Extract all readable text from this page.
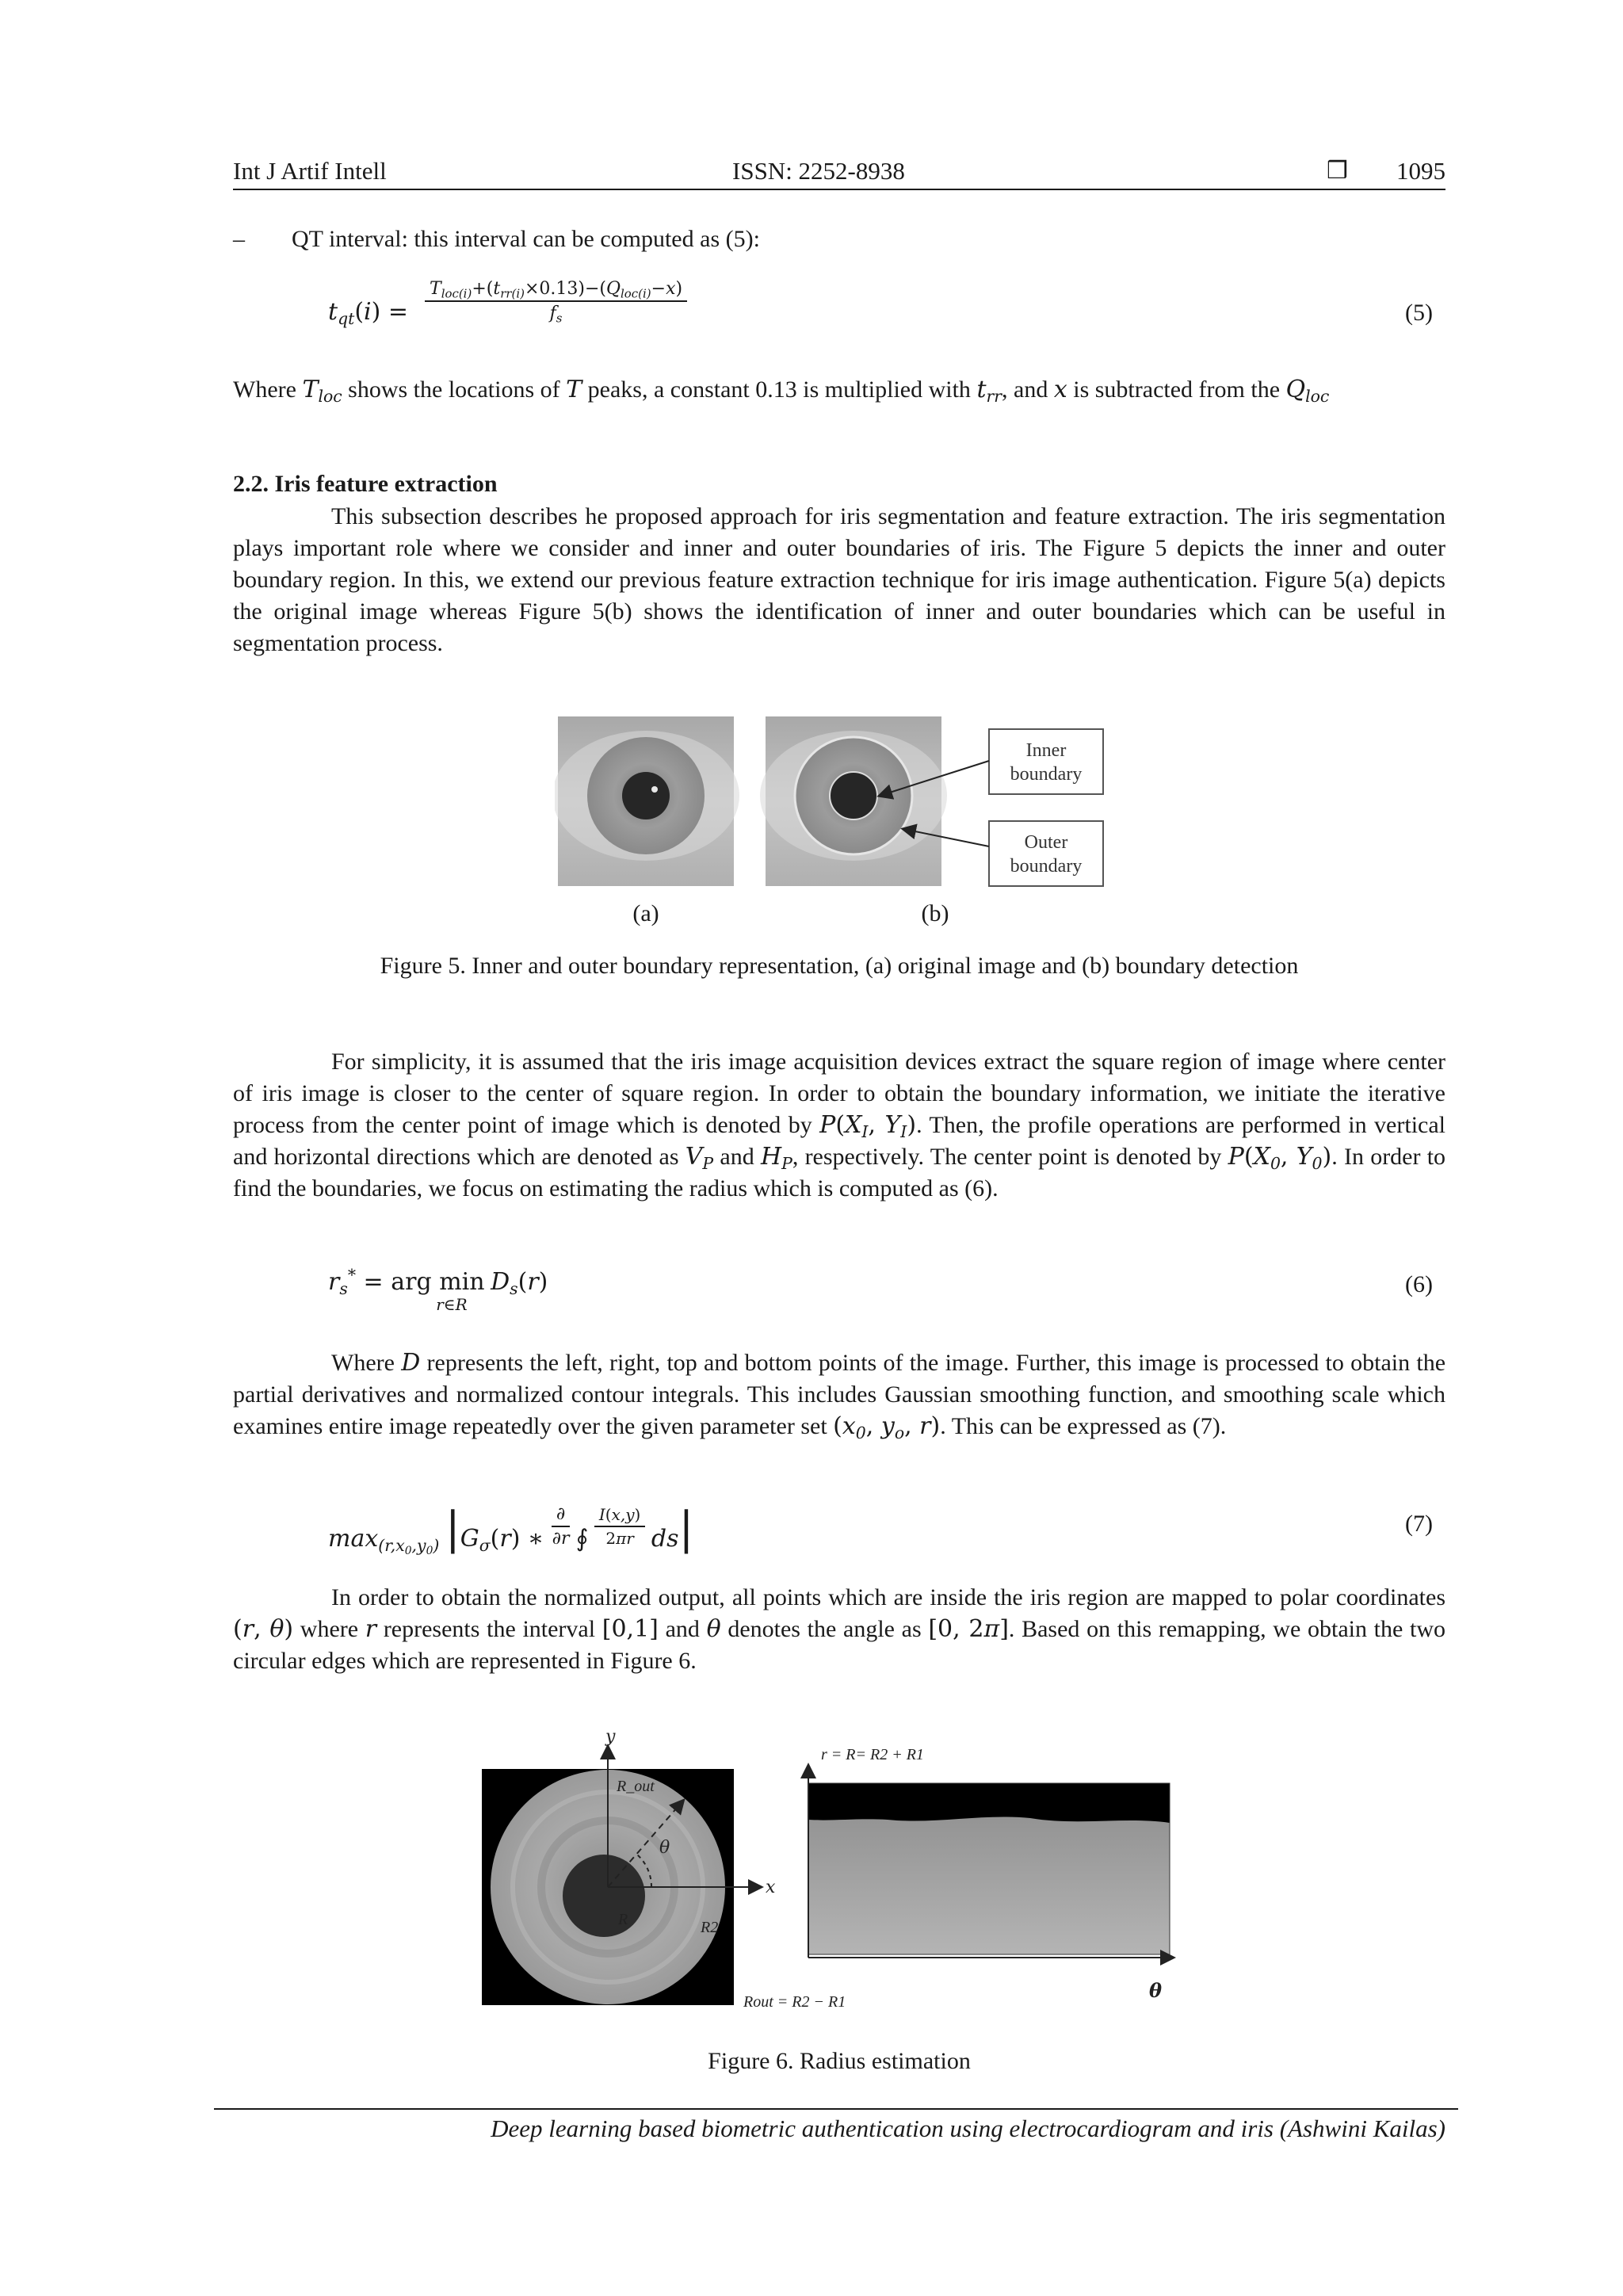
Int J Artif Intell	ISSN: 2252-8938	❒ 1095
– QT interval: this interval can be computed as (5):
$t_{qt}(i)$ =
$T_{loc(i)}+(t_{rr(i)}\times 0.13)-(Q_{loc(i)}-x)$
$f_s$	(5)
Where $T_{loc}$ shows the locations of T peaks, a constant 0.13 is multiplied with $t_{rr}$, and x is subtracted from the $Q_{loc}$
2.2. Iris feature extraction
This subsection describes he proposed approach for iris segmentation and feature extraction. The iris segmentation plays important role where we consider and inner and outer boundaries of iris. The Figure 5 depicts the inner and outer boundary region. In this, we extend our previous feature extraction technique for iris image authentication. Figure 5(a) depicts the original image whereas Figure 5(b) shows the identification of inner and outer boundaries which can be useful in segmentation process.
Inner
boundary
Outer
boundary
(a)	(b)
Figure 5. Inner and outer boundary representation, (a) original image and (b) boundary detection
For simplicity, it is assumed that the iris image acquisition devices extract the square region of image where center of iris image is closer to the center of square region. In order to obtain the boundary information, we initiate the iterative process from the center point of image which is denoted by $P(X_I$, $Y_I$). Then, the profile operations are performed in vertical and horizontal directions which are denoted as $V_P$ and $H_P$, respectively. The center point is denoted by $P(X_0$, $Y_0$). In order to find the boundaries, we focus on estimating the radius which is computed as (6).
$r_s^*$ = arg min
r∈R
$D_s(r)$	(6)
Where D represents the left, right, top and bottom points of the image. Further, this image is processed to obtain the partial derivatives and normalized contour integrals. This includes Gaussian smoothing function, and smoothing scale which examines entire image repeatedly over the given parameter set ($x_0$, $y_o$, r). This can be expressed as (7).
$\max_{(r,x_0,y_0)} |G_\sigma(r)$ ∗ $\frac{\partial}{\partial r}$ ∮ $\frac{I(x,y)}{2\pi r} ds|$	(7)
In order to obtain the normalized output, all points which are inside the iris region are mapped to polar coordinates (r, θ) where r represents the interval [0,1] and θ denotes the angle as [0, 2π]. Based on this remapping, we obtain the two circular edges which are represented in Figure 6.
y
x
θ
R_out
R	R2
r = R= R2 + R1
Rout = R2 − R1	θ
Figure 6. Radius estimation
Deep learning based biometric authentication using electrocardiogram and iris (Ashwini Kailas)
